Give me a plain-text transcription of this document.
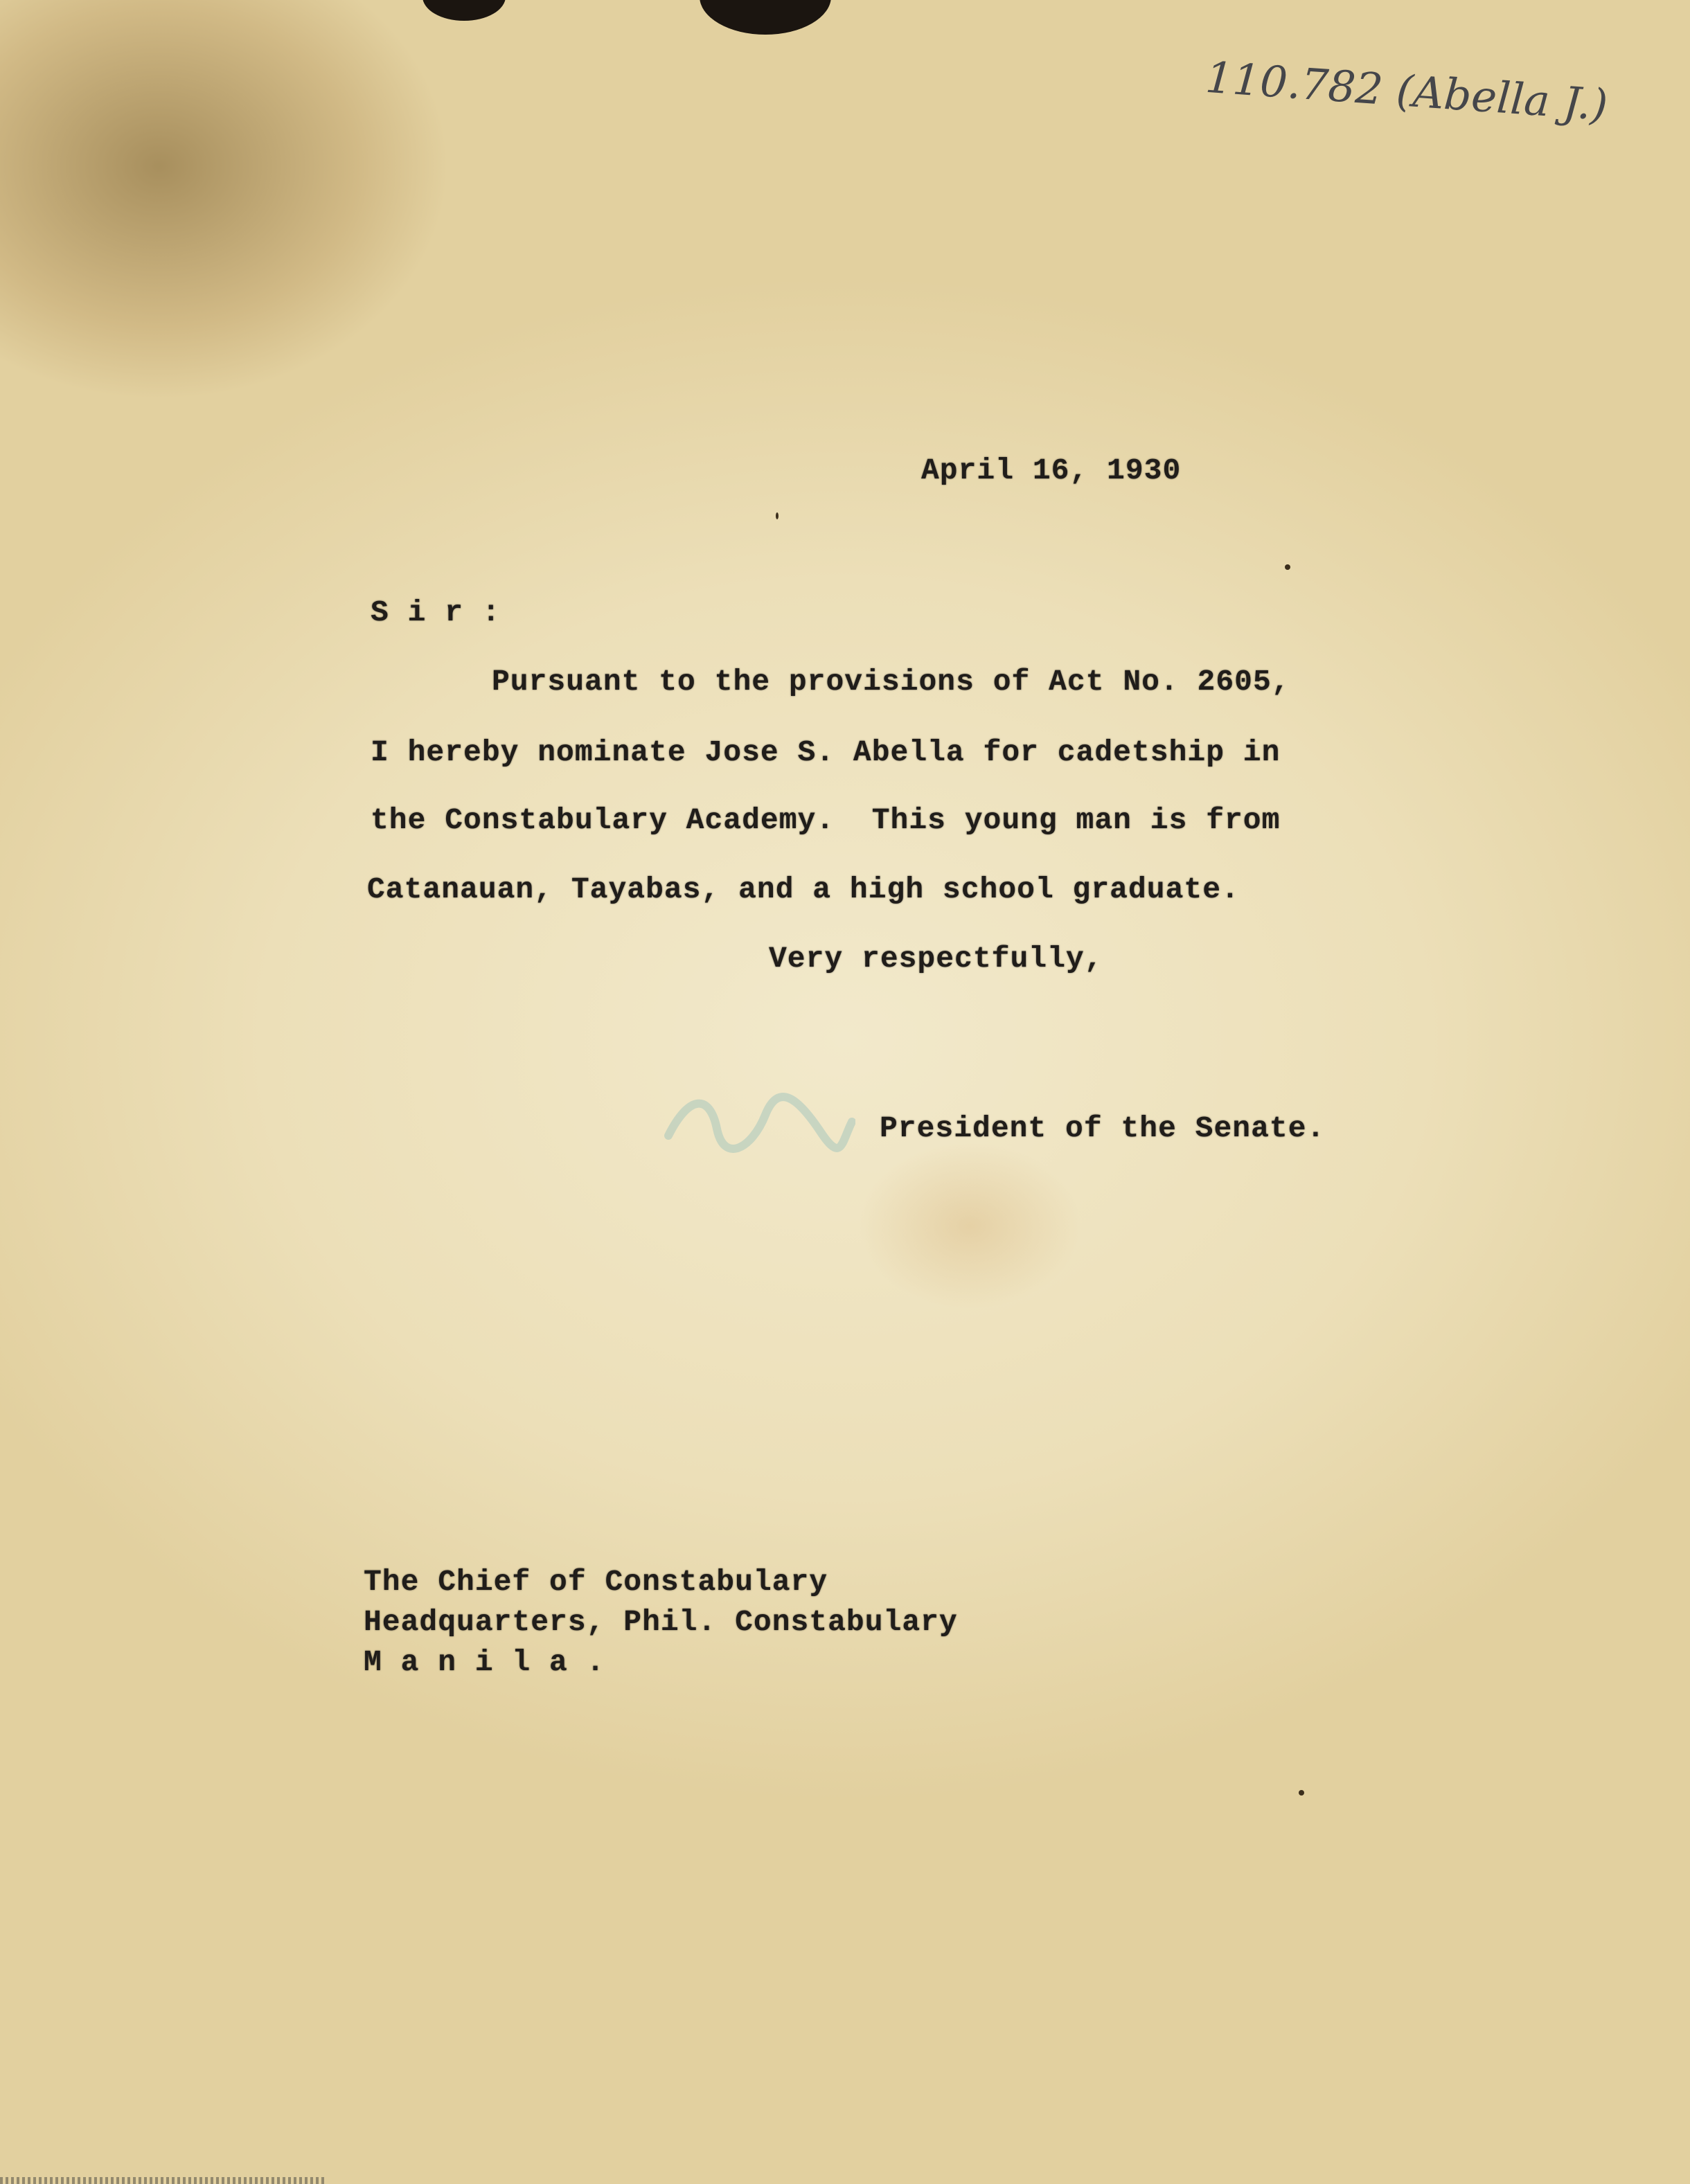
110.782 (Abella J.)
April 16, 1930
S i r :
Pursuant to the provisions of Act No. 2605,
I hereby nominate Jose S. Abella for cadetship in
the Constabulary Academy.  This young man is from
Catanauan, Tayabas, and a high school graduate.
Very respectfully,
President of the Senate.
The Chief of Constabulary
Headquarters, Phil. Constabulary
M a n i l a .
